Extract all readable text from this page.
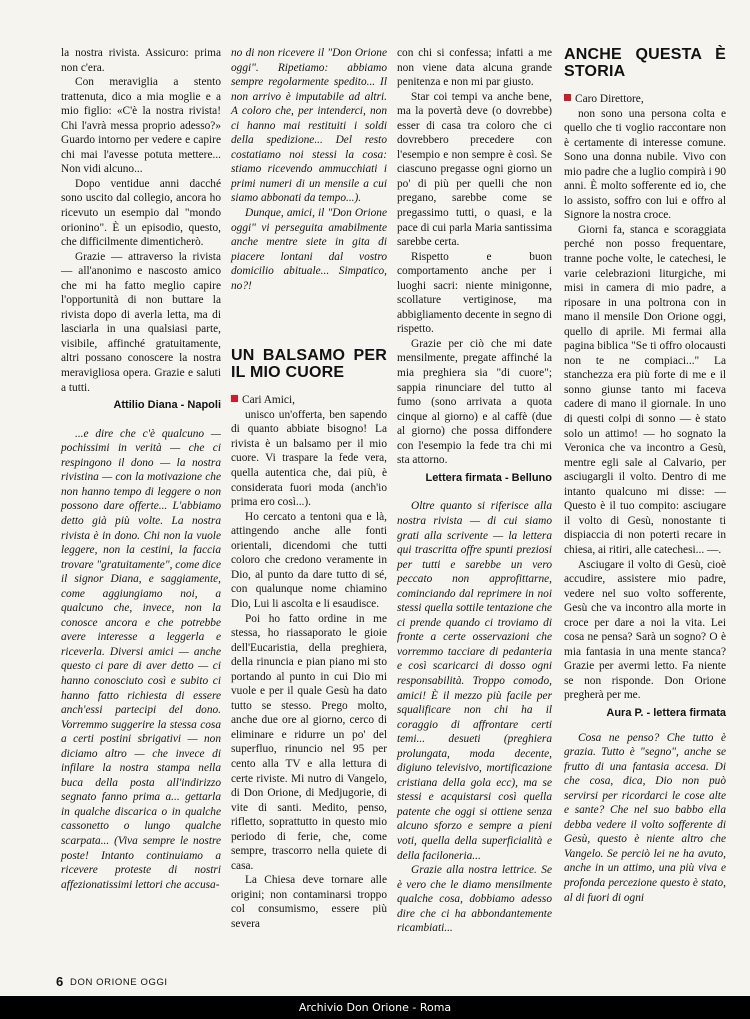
la nostra rivista. Assicuro: prima non c'era.

Con meraviglia a stento trattenuta, dico a mia moglie e a mio figlio: «C'è la nostra rivista! Chi l'avrà messa proprio adesso?» Guardo intorno per vedere e capire chi mai l'avesse potuta mettere... Non vidi alcuno...

Dopo ventidue anni dacché sono uscito dal collegio, ancora ho ricevuto un esempio dal "mondo orionino". È un episodio, questo, che difficilmente dimenticherò.

Grazie — attraverso la rivista — all'anonimo e nascosto amico che mi ha fatto meglio capire l'opportunità di non buttare la rivista dopo di averla letta, ma di lasciarla in una qualsiasi parte, visibile, affinché gratuitamente, altri possano conoscere la nostra meravigliosa opera. Grazie e saluti a tutti.

Attilio Diana - Napoli

...e dire che c'è qualcuno — pochissimi in verità — che ci respingono il dono — la nostra rivistina — con la motivazione che non hanno tempo di leggere o non possono dare offerte... L'abbiamo detto già più volte. La nostra rivista è in dono. Chi non la vuole leggere, non la cestini, la faccia trovare "gratuitamente", come dice il signor Diana, e saggiamente, come aggiungiamo noi, a qualcuno che, invece, non la conosce ancora e che potrebbe avere interesse a leggerla e riceverla. Diversi amici — anche questo ci pare di aver detto — ci hanno conosciuto così e subito ci hanno fatto richiesta di essere anch'essi partecipi del dono. Vorremmo suggerire la stessa cosa a certi postini sbrigativi — non diciamo altro — che invece di infilare la nostra stampa nella buca della posta all'indirizzo segnato fanno prima a... gettarla in qualche discarica o in qualche cassonetto o lungo qualche scarpata... (Viva sempre le nostre poste! Intanto continuiamo a ricevere proteste di nostri affezionatissimi lettori che accusa-

no di non ricevere il "Don Orione oggi". Ripetiamo: abbiamo sempre regolarmente spedito... Il non arrivo è imputabile ad altri. A coloro che, per intenderci, non ci hanno mai restituiti i soldi della spedizione... Del resto costatiamo noi stessi la cosa: stiamo ricevendo ammucchiati i primi numeri di un mensile a cui siamo abbonati da tempo...).

Dunque, amici, il "Don Orione oggi" vi perseguita amabilmente anche mentre siete in gita di piacere lontani dal vostro domicilio abituale... Simpatico, no?!

UN BALSAMO PER IL MIO CUORE

Cari Amici,

unisco un'offerta, ben sapendo di quanto abbiate bisogno! La rivista è un balsamo per il mio cuore. Vi traspare la fede vera, quella autentica che, dai più, è considerata fuori moda (anch'io prima ero così...).

Ho cercato a tentoni qua e là, attingendo anche alle fonti orientali, dicendomi che tutti coloro che credono veramente in Dio, al punto da dare tutto di sé, con qualunque nome chiamino Dio, Lui li ascolta e li esaudisce.

Poi ho fatto ordine in me stessa, ho riassaporato le gioie dell'Eucaristia, della preghiera, della rinuncia e pian piano mi sto portando al punto in cui Dio mi vuole e per il quale Gesù ha dato tutto se stesso. Prego molto, anche due ore al giorno, cerco di eliminare e ridurre un po' del superfluo, rinuncio nel 95 per cento alla TV e alla lettura di certe riviste. Mi nutro di Vangelo, di Don Orione, di Medjugorie, di vite di santi. Medito, penso, rifletto, soprattutto in questo mio periodo di ferie, che, come sempre, trascorro nella quiete di casa.

La Chiesa deve tornare alle origini; non contaminarsi troppo col consumismo, essere più severa

con chi si confessa; infatti a me non viene data alcuna grande penitenza e non mi par giusto.

Star coi tempi va anche bene, ma la povertà deve (o dovrebbe) esser di casa tra coloro che ci dovrebbero precedere con l'esempio e non sempre è così. Se ciascuno pregasse ogni giorno un po' di più per quelli che non pregano, sarebbe come se pregassimo tutti, o quasi, e la pace di cui parla Maria santissima sarebbe certa.

Rispetto e buon comportamento anche per i luoghi sacri: niente minigonne, scollature vertiginose, ma abbigliamento decente in segno di rispetto.

Grazie per ciò che mi date mensilmente, pregate affinché la mia preghiera sia "di cuore"; sappia rinunciare del tutto al fumo (sono arrivata a quota cinque al giorno) e al caffè (due al giorno) che possa diffondere con l'esempio la fede tra chi mi sta attorno.

Lettera firmata - Belluno

Oltre quanto si riferisce alla nostra rivista — di cui siamo grati alla scrivente — la lettera qui trascritta offre spunti preziosi per tutti e sarebbe un vero peccato non approfittarne, cominciando dal reprimere in noi stessi quella sottile tentazione che ci prende quando ci troviamo di fronte a certe osservazioni che vorremmo tacciare di pedanteria e così scaricarci di dosso ogni responsabilità. Troppo comodo, amici! È il mezzo più facile per squalificare non chi ha il coraggio di affrontare certi temi... desueti (preghiera prolungata, moda decente, digiuno televisivo, mortificazione cristiana della gola ecc), ma se stessi e acquistarsi così quella patente che oggi si ottiene senza alcuno sforzo e sempre a pieni voti, quella della superficialità e della faciloneria...

Grazie alla nostra lettrice. Se è vero che le diamo mensilmente qualche cosa, dobbiamo adesso dire che ci ha abbondantemente ricambiati...

ANCHE QUESTA È STORIA

Caro Direttore,

non sono una persona colta e quello che ti voglio raccontare non è certamente di interesse comune. Sono una donna nubile. Vivo con mio padre che a luglio compirà i 90 anni. È molto sofferente ed io, che lo assisto, soffro con lui e offro al Signore la nostra croce.

Giorni fa, stanca e scoraggiata perché non posso frequentare, tranne poche volte, le catechesi, le varie celebrazioni liturgiche, mi misi in camera di mio padre, a riposare in una poltrona con in mano il mensile Don Orione oggi, quello di aprile. Mi fermai alla pagina biblica "Se ti offro olocausti non te ne compiaci..." La stanchezza era più forte di me e il sonno giunse tanto mi faceva cadere di mano il giornale. In uno di questi colpi di sonno — è stato solo un attimo! — ho sognato la Veronica che va incontro a Gesù, mentre egli sale al Calvario, per asciugargli il volto. Dentro di me intanto qualcuno mi disse: — Questo è il tuo compito: asciugare il volto di Gesù, nonostante ti dispiaccia di non poterti recare in chiesa, ai ritiri, alle catechesi... —.

Asciugare il volto di Gesù, cioè accudire, assistere mio padre, vedere nel suo volto sofferente, Gesù che va incontro alla morte in croce per dare a noi la vita. Lei cosa ne pensa? Sarà un sogno? O è mia fantasia in una mente stanca? Grazie per avermi letto. Fa niente se non risponde. Don Orione pregherà per me.

Aura P. - lettera firmata

Cosa ne penso? Che tutto è grazia. Tutto è "segno", anche se frutto di una fantasia accesa. Di che cosa, dica, Dio non può servirsi per ricordarci le cose alte e sante? Che nel suo babbo ella debba vedere il volto sofferente di Gesù, questo è niente altro che Vangelo. Se perciò lei ne ha avuto, anche in un attimo, una più viva e profonda percezione questo è stato, al di fuori di ogni

6 DON ORIONE OGGI
Archivio Don Orione - Roma
